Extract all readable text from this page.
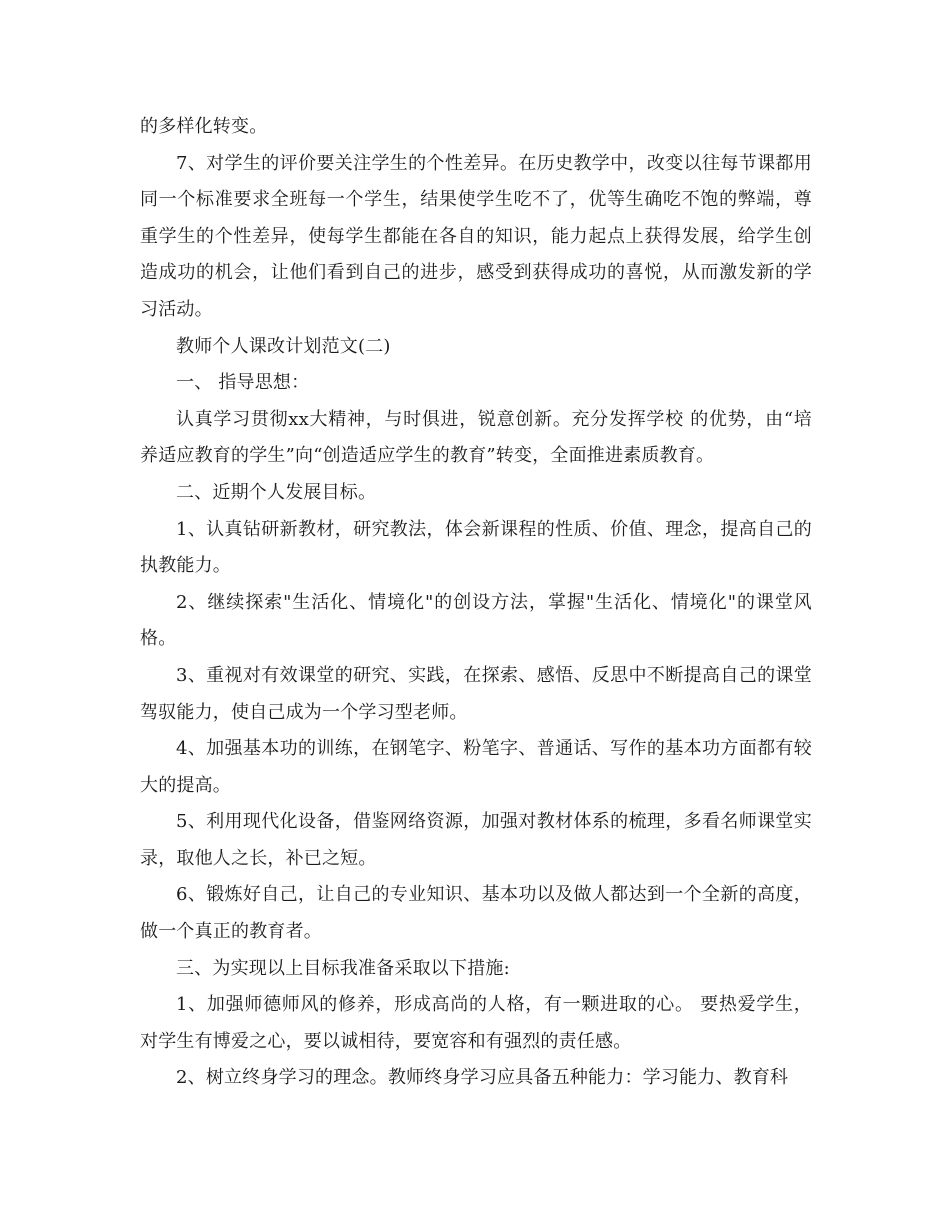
的多样化转变。

7、对学生的评价要关注学生的个性差异。在历史教学中，改变以往每节课都用同一个标准要求全班每一个学生，结果使学生吃不了，优等生确吃不饱的弊端，尊重学生的个性差异，使每学生都能在各自的知识，能力起点上获得发展，给学生创造成功的机会，让他们看到自己的进步，感受到获得成功的喜悦，从而激发新的学习活动。

教师个人课改计划范文(二)

一、 指导思想：

认真学习贯彻xx大精神，与时俱进，锐意创新。充分发挥学校 的优势，由“培养适应教育的学生”向“创造适应学生的教育”转变，全面推进素质教育。

二、近期个人发展目标。

1、认真钻研新教材，研究教法，体会新课程的性质、价值、理念，提高自己的执教能力。

2、继续探索"生活化、情境化"的创设方法，掌握"生活化、情境化"的课堂风格。

3、重视对有效课堂的研究、实践，在探索、感悟、反思中不断提高自己的课堂驾驭能力，使自己成为一个学习型老师。

4、加强基本功的训练，在钢笔字、粉笔字、普通话、写作的基本功方面都有较大的提高。

5、利用现代化设备，借鉴网络资源，加强对教材体系的梳理，多看名师课堂实录，取他人之长，补已之短。

6、锻炼好自己，让自己的专业知识、基本功以及做人都达到一个全新的高度，做一个真正的教育者。

三、为实现以上目标我准备采取以下措施:

1、加强师德师风的修养，形成高尚的人格，有一颗进取的心。 要热爱学生，对学生有博爱之心，要以诚相待，要宽容和有强烈的责任感。

2、树立终身学习的理念。教师终身学习应具备五种能力：学习能力、教育科
